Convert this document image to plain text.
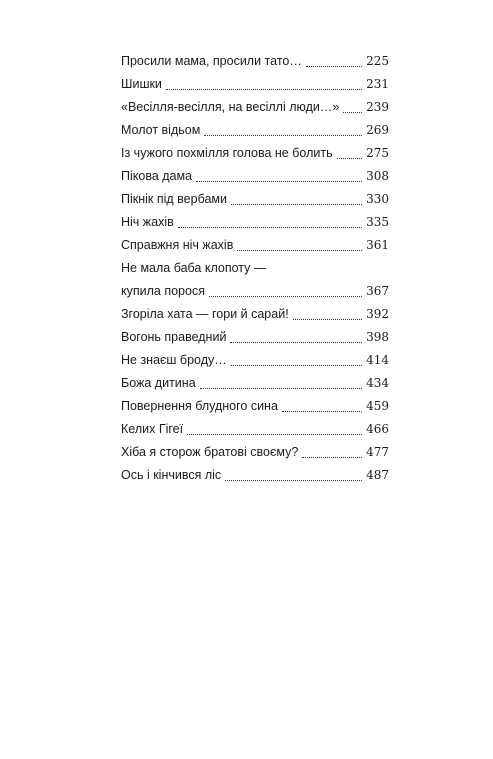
Просили мама, просили тато…	225
Шишки	231
«Весілля-весілля, на весіллі люди…» 239
Молот відьом	269
Із чужого похмілля голова не болить	275
Пікова дама	308
Пікнік під вербами	330
Ніч жахів	335
Справжня ніч жахів	361
Не мала баба клопоту —
купила порося	367
Згоріла хата — гори й сарай!	392
Вогонь праведний	398
Не знаєш броду…	414
Божа дитина	434
Повернення блудного сина	459
Келих Гігеї	466
Хіба я сторож братові своєму?	477
Ось і кінчився ліс	487
